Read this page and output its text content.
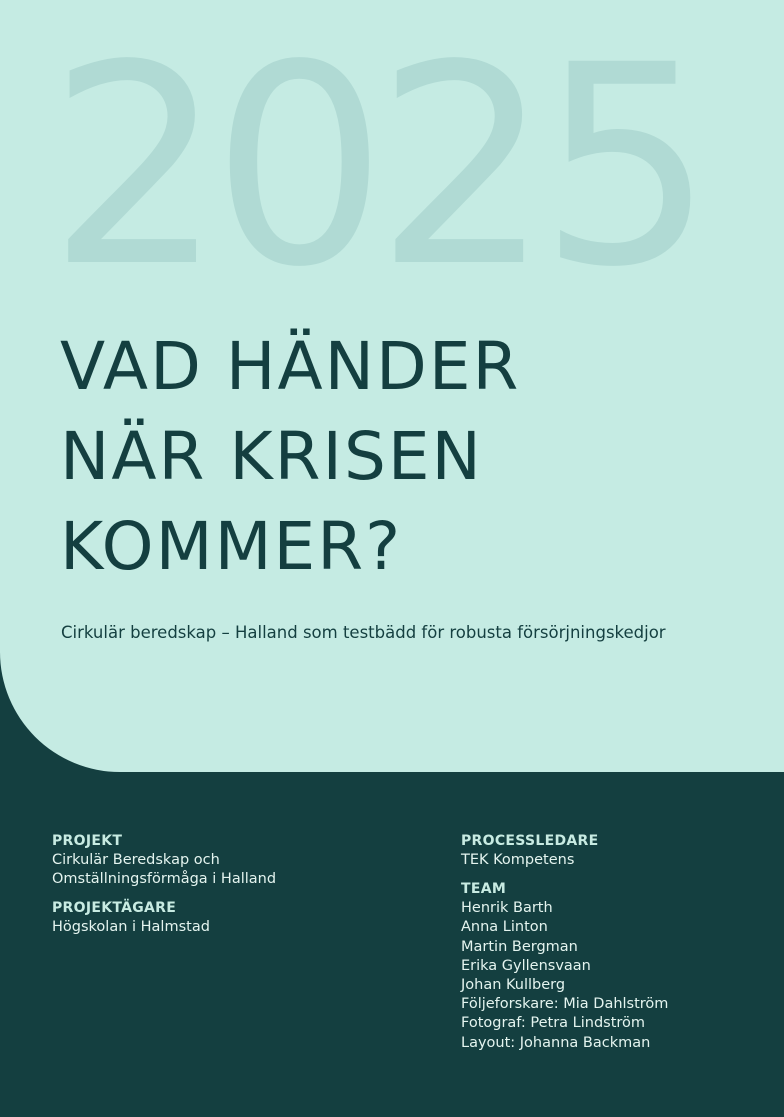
2025
VAD HÄNDER
NÄR KRISEN
KOMMER?
Cirkulär beredskap – Halland som testbädd för robusta försörjningskedjor
PROJEKT
Cirkulär Beredskap och
Omställningsförmåga i Halland
PROJEKTÄGARE
Högskolan i Halmstad
PROCESSLEDARE
TEK Kompetens
TEAM
Henrik Barth
Anna Linton
Martin Bergman
Erika Gyllensvaan
Johan Kullberg
Följeforskare: Mia Dahlström
Fotograf: Petra Lindström
Layout: Johanna Backman
